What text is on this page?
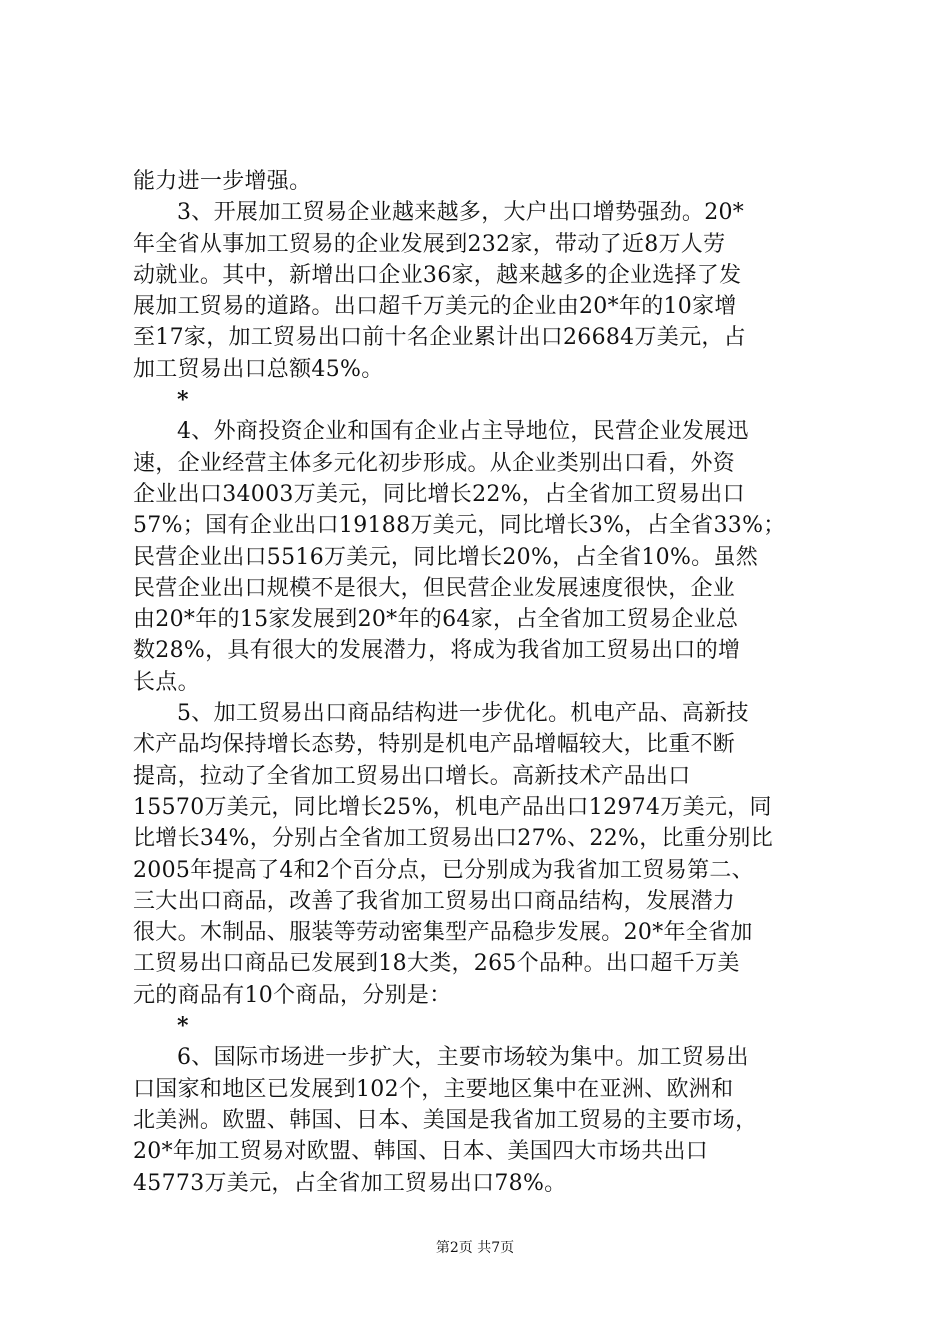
能力进一步增强。
3、开展加工贸易企业越来越多，大户出口增势强劲。20*
年全省从事加工贸易的企业发展到232家，带动了近8万人劳
动就业。其中，新增出口企业36家，越来越多的企业选择了发
展加工贸易的道路。出口超千万美元的企业由20*年的10家增
至17家，加工贸易出口前十名企业累计出口26684万美元，占
加工贸易出口总额45%。
*
4、外商投资企业和国有企业占主导地位，民营企业发展迅
速，企业经营主体多元化初步形成。从企业类别出口看，外资
企业出口34003万美元，同比增长22%，占全省加工贸易出口
57%；国有企业出口19188万美元，同比增长3%，占全省33%；
民营企业出口5516万美元，同比增长20%，占全省10%。虽然
民营企业出口规模不是很大，但民营企业发展速度很快，企业
由20*年的15家发展到20*年的64家，占全省加工贸易企业总
数28%，具有很大的发展潜力，将成为我省加工贸易出口的增
长点。
5、加工贸易出口商品结构进一步优化。机电产品、高新技
术产品均保持增长态势，特别是机电产品增幅较大，比重不断
提高，拉动了全省加工贸易出口增长。高新技术产品出口
15570万美元，同比增长25%，机电产品出口12974万美元，同
比增长34%，分别占全省加工贸易出口27%、22%，比重分别比
2005年提高了4和2个百分点，已分别成为我省加工贸易第二、
三大出口商品，改善了我省加工贸易出口商品结构，发展潜力
很大。木制品、服装等劳动密集型产品稳步发展。20*年全省加
工贸易出口商品已发展到18大类，265个品种。出口超千万美
元的商品有10个商品，分别是：
*
6、国际市场进一步扩大，主要市场较为集中。加工贸易出
口国家和地区已发展到102个，主要地区集中在亚洲、欧洲和
北美洲。欧盟、韩国、日本、美国是我省加工贸易的主要市场，
20*年加工贸易对欧盟、韩国、日本、美国四大市场共出口
45773万美元，占全省加工贸易出口78%。
第2页 共7页
